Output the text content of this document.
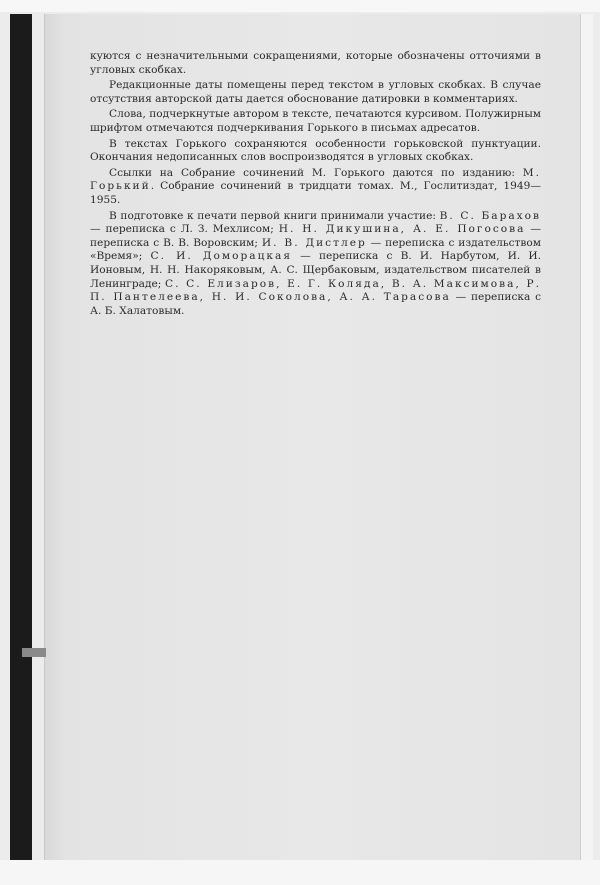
куются с незначительными сокращениями, которые обозначены отточиями в угловых скобках.

Редакционные даты помещены перед текстом в угловых скобках. В случае отсутствия авторской даты дается обоснование датировки в комментариях.

Слова, подчеркнутые автором в тексте, печатаются курсивом. Полужирным шрифтом отмечаются подчеркивания Горького в письмах адресатов.

В текстах Горького сохраняются особенности горьковской пунктуации. Окончания недописанных слов воспроизводятся в угловых скобках.

Ссылки на Собрание сочинений М. Горького даются по изданию: М. Горький. Собрание сочинений в тридцати томах. М., Гослитиздат, 1949—1955.

В подготовке к печати первой книги принимали участие: В. С. Барахов — переписка с Л. З. Мехлисом; Н. Н. Дикушина, А. Е. Погосова — переписка с В. В. Воровским; И. В. Дистлер — переписка с издательством «Время»; С. И. Доморацкая — переписка с В. И. Нарбутом, И. И. Ионовым, Н. Н. Накоряковым, А. С. Щербаковым, издательством писателей в Ленинграде; С. С. Елизаров, Е. Г. Коляда, В. А. Максимова, Р. П. Пантелеева, Н. И. Соколова, А. А. Тарасова — переписка с А. Б. Халатовым.
